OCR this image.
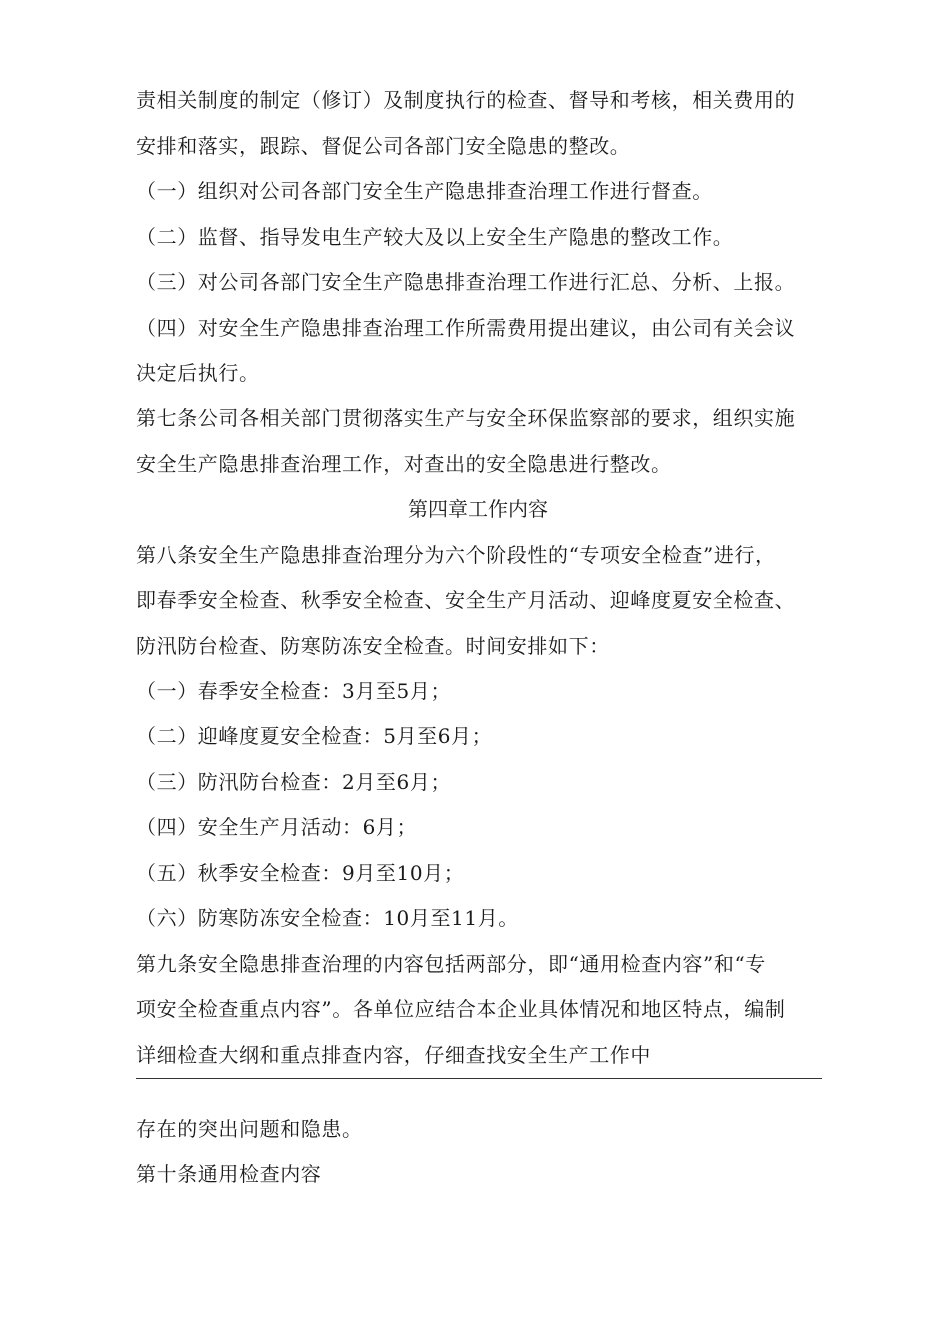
责相关制度的制定（修订）及制度执行的检查、督导和考核，相关费用的
安排和落实，跟踪、督促公司各部门安全隐患的整改。
（一）组织对公司各部门安全生产隐患排查治理工作进行督查。
（二）监督、指导发电生产较大及以上安全生产隐患的整改工作。
（三）对公司各部门安全生产隐患排查治理工作进行汇总、分析、上报。
（四）对安全生产隐患排查治理工作所需费用提出建议，由公司有关会议
决定后执行。
第七条公司各相关部门贯彻落实生产与安全环保监察部的要求，组织实施
安全生产隐患排查治理工作，对查出的安全隐患进行整改。
第四章工作内容
第八条安全生产隐患排查治理分为六个阶段性的“专项安全检查”进行，
即春季安全检查、秋季安全检查、安全生产月活动、迎峰度夏安全检查、
防汛防台检查、防寒防冻安全检查。时间安排如下：
（一）春季安全检查：3月至5月；
（二）迎峰度夏安全检查：5月至6月；
（三）防汛防台检查：2月至6月；
（四）安全生产月活动：6月；
（五）秋季安全检查：9月至10月；
（六）防寒防冻安全检查：10月至11月。
第九条安全隐患排查治理的内容包括两部分，即“通用检查内容”和“专
项安全检查重点内容”。各单位应结合本企业具体情况和地区特点，编制
详细检查大纲和重点排查内容，仔细查找安全生产工作中
存在的突出问题和隐患。
第十条通用检查内容
